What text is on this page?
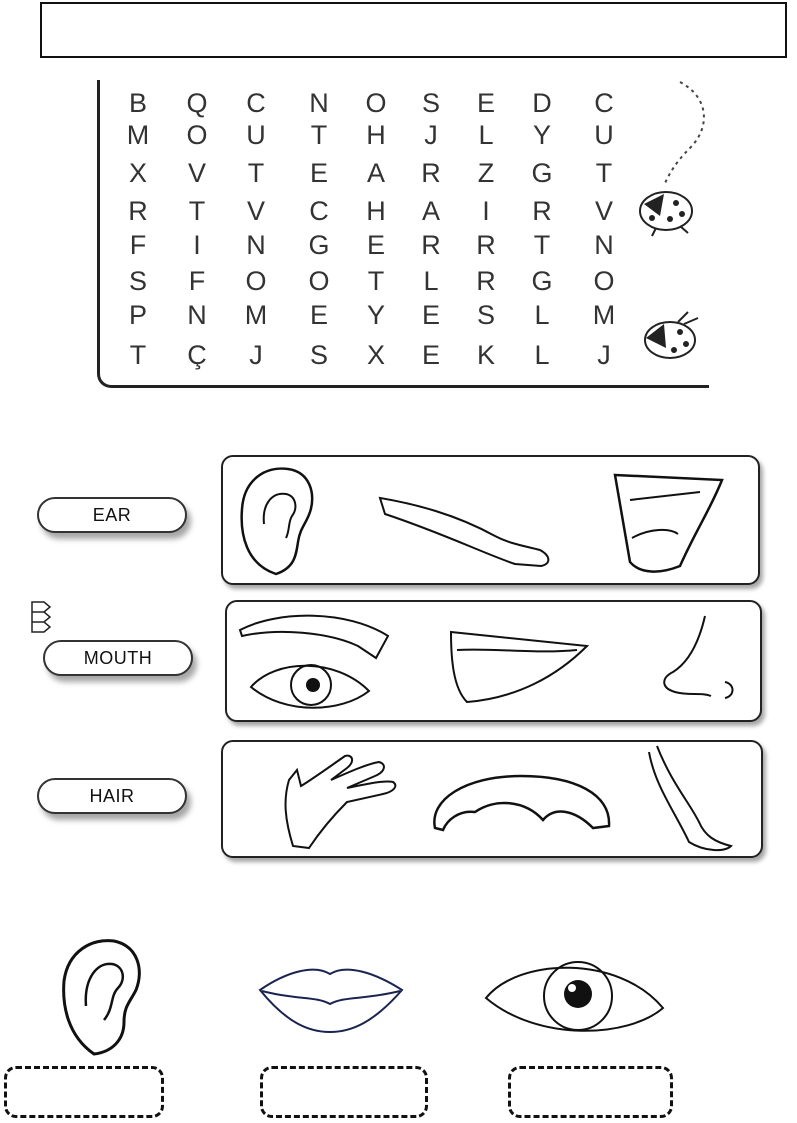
B	Q	C	N	O	S	E	D	C
M	O	U	T	H	J	L	Y	U
X	V	T	E	A	R	Z	G	T
R	T	V	C	H	A	I	R	V
F	I	N	G	E	R	R	T	N
S	F	O	O	T	L	R	G	O
P	N	M	E	Y	E	S	L	M
T	Ç	J	S	X	E	K	L	J
EAR
MOUTH
HAIR
